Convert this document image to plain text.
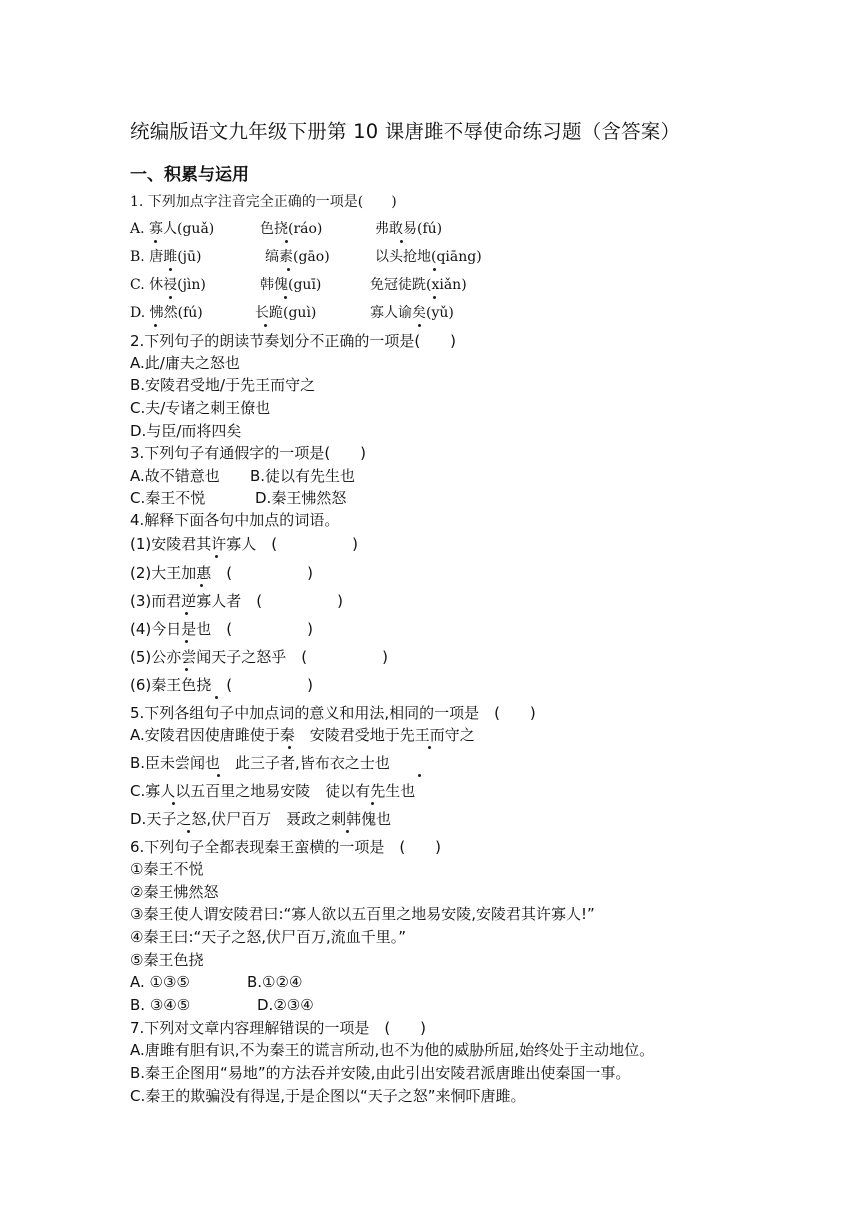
统编版语文九年级下册第 10 课唐雎不辱使命练习题（含答案）
一、积累与运用
1. 下列加点字注音完全正确的一项是(　　)
A. 寡人(guǎ)	色挠(ráo)	弗敢易(fú)
B. 唐雎(jū)	缟素(gāo)	以头抢地(qiāng)
C. 休祲(jìn)	韩傀(guī)	免冠徒跣(xiǎn)
D. 怫然(fú)	长跪(guì)	寡人谕矣(yǔ)
2.下列句子的朗读节奏划分不正确的一项是(　　)
A.此/庸夫之怒也
B.安陵君受地/于先王而守之
C.夫/专诸之刺王僚也
D.与臣/而将四矣
3.下列句子有通假字的一项是(　　)
A.故不错意也 B.徒以有先生也
C.秦王不悦	D.秦王怫然怒
4.解释下面各句中加点的词语。
(1)安陵君其许寡人　(　　　　　)
(2)大王加惠　(　　　　　)
(3)而君逆寡人者　(　　　　　)
(4)今日是也　(　　　　　)
(5)公亦尝闻天子之怒乎　(　　　　　)
(6)秦王色挠　(　　　　　)
5.下列各组句子中加点词的意义和用法,相同的一项是　(　　)
A.安陵君因使唐雎使于秦　安陵君受地于先王而守之
B.臣未尝闻也　此三子者,皆布衣之士也
C.寡人以五百里之地易安陵　徒以有先生也
D.天子之怒,伏尸百万　聂政之刺韩傀也
6.下列句子全都表现秦王蛮横的一项是　(　　)
①秦王不悦
②秦王怫然怒
③秦王使人谓安陵君曰:“寡人欲以五百里之地易安陵,安陵君其许寡人!”
④秦王曰:“天子之怒,伏尸百万,流血千里。”
⑤秦王色挠
A. ①③⑤	B.①②④
B. ③④⑤	D.②③④
7.下列对文章内容理解错误的一项是　(　　)
A.唐雎有胆有识,不为秦王的谎言所动,也不为他的威胁所屈,始终处于主动地位。
B.秦王企图用“易地”的方法吞并安陵,由此引出安陵君派唐雎出使秦国一事。
C.秦王的欺骗没有得逞,于是企图以“天子之怒”来恫吓唐雎。
